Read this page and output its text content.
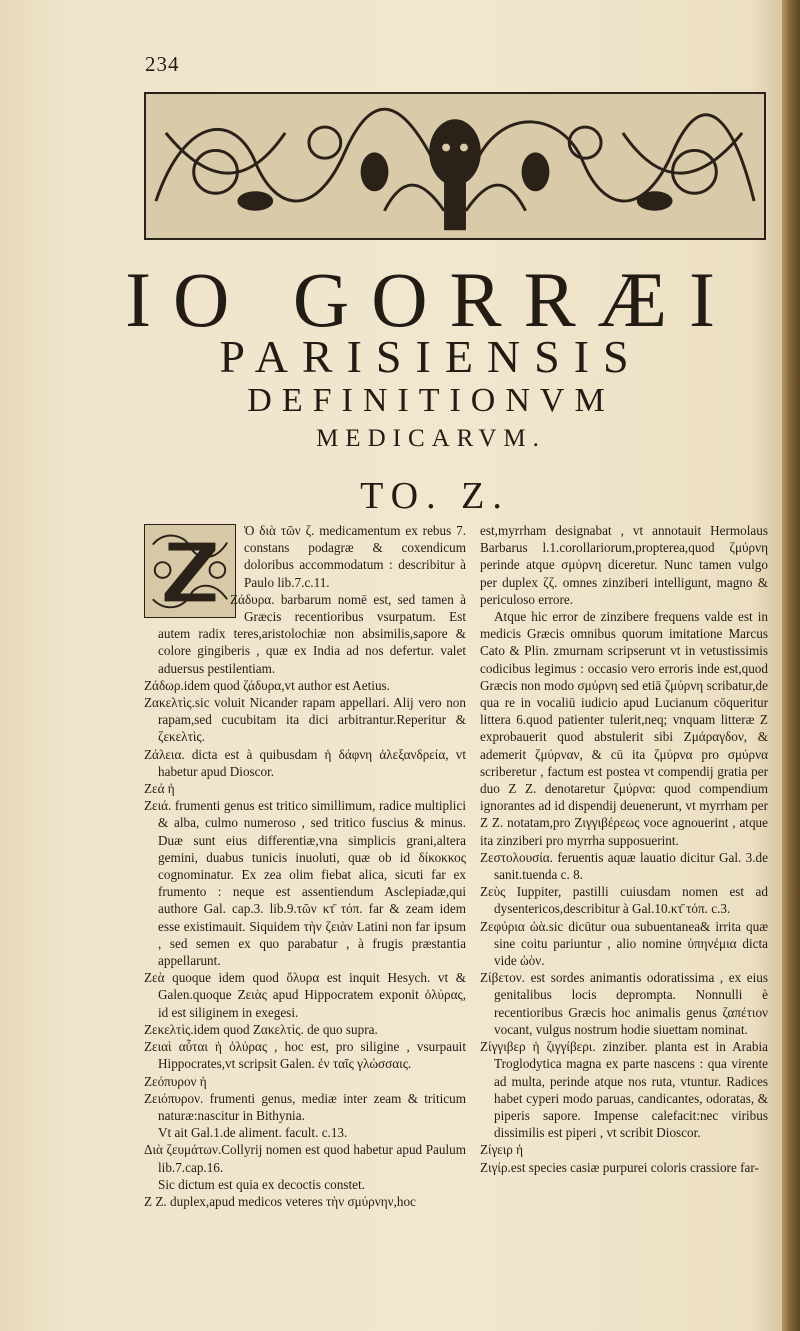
234
IO GORRÆI
PARISIENSIS
DEFINITIONVM
MEDICARVM.
TO. Z.

Ὁ διὰ τῶν ζ. medicamentum ex rebus 7. constans podagræ & coxendicum doloribus accommodatum : describitur à Paulo lib.7.c.11.

Ζάδυρα. barbarum nomē est, sed tamen à Græcis recentioribus vsurpatum. Est autem radix teres,aristolochiæ non absimilis,sapore & colore gingiberis , quæ ex India ad nos defertur. valet aduersus pestilentiam.

Ζάδωρ.idem quod ζάδυρα,vt author est Aetius.

Ζακελτὶς.sic voluit Nicander rapam appellari. Alij vero non rapam,sed cucubitam ita dici arbitrantur.Reperitur & ζεκελτὶς.

Ζάλεια. dicta est à quibusdam ἡ δάφνη ἀλεξανδρεία, vt habetur apud Dioscor.

Ζεά ἡ

Ζειά. frumenti genus est tritico simillimum, radice multiplici & alba, culmo numeroso , sed tritico fuscius & minus. Duæ sunt eius differentiæ,vna simplicis grani,altera gemini, duabus tunicis inuoluti, quæ ob id δίκοκκος cognominatur. Ex zea olim fiebat alica, sicuti far ex frumento : neque est assentiendum Asclepiadæ,qui authore Gal. cap.3. lib.9.τῶν κτ̄ τόπ. far & zeam idem esse existimauit. Siquidem τὴν ζειὰν Latini non far ipsum , sed semen ex quo parabatur , à frugis præstantia appellarunt.

Ζεὰ quoque idem quod ὄλυρα est inquit Hesych. vt & Galen.quoque Ζειὰς apud Hippocratem exponit ὀλύρας, id est siliginem in exegesi.

Ζεκελτὶς.idem quod Ζακελτὶς. de quo supra.

Ζειαὶ αὗται ἡ ὀλύρας , hoc est, pro siligine , vsurpauit Hippocrates,vt scripsit Galen. ἐν ταῖς γλώσσαις.

Ζεόπυρον ἡ

Ζειόπυρον. frumenti genus, mediæ inter zeam & triticum naturæ:nascitur in Bithynia.

Vt ait Gal.1.de aliment. facult. c.13.

Διὰ ζευμάτων.Collyrij nomen est quod habetur apud Paulum lib.7.cap.16.

Sic dictum est quia ex decoctis constet.

Z Z. duplex,apud medicos veteres τὴν σμύρνην,hoc

est,myrrham designabat , vt annotauit Hermolaus Barbarus l.1.corollariorum,propterea,quod ζμύρνη perinde atque σμύρνη diceretur. Nunc tamen vulgo per duplex ζζ. omnes zinziberi intelligunt, magno & periculoso errore.

Atque hic error de zinzibere frequens valde est in medicis Græcis omnibus quorum imitatione Marcus Cato & Plin. zmurnam scripserunt vt in vetustissimis codicibus legimus : occasio vero erroris inde est,quod Græcis non modo σμύρνη sed etiā ζμύρνη scribatur,de qua re in vocaliū iudicio apud Lucianum cōqueritur littera 6.quod patienter tulerit,neq; vnquam litteræ Z exprobauerit quod abstulerit sibi Ζμάραγδον, & ademerit ζμύρναν, & cū ita ζμύρνα pro σμύρνα scriberetur , factum est postea vt compendij gratia per duo Z Z. denotaretur ζμύρνα: quod compendium ignorantes ad id dispendij deuenerunt, vt myrrham per Z Z. notatam,pro Ζιγγιβέρεως voce agnouerint , atque ita zinziberi pro myrrha supposuerint.

Ζεστολουσία. feruentis aquæ lauatio dicitur Gal. 3.de sanit.tuenda c. 8.

Ζεὺς Iuppiter, pastilli cuiusdam nomen est ad dysentericos,describitur à Gal.10.κτ̄ τόπ. c.3.

Ζεφύρια ὠὰ.sic dicūtur oua subuentanea& irrita quæ sine coitu pariuntur , alio nomine ὑπηνέμια dicta vide ὠὸν.

Ζίβετον. est sordes animantis odoratissima , ex eius genitalibus locis deprompta. Nonnulli è recentioribus Græcis hoc animalis genus ζαπέτιον vocant, vulgus nostrum hodie siuettam nominat.

Ζίγγιβερ ἡ ζιγγίβερι. zinziber. planta est in Arabia Troglodytica magna ex parte nascens : qua virente ad multa, perinde atque nos ruta, vtuntur. Radices habet cyperi modo paruas, candicantes, odoratas, & piperis sapore. Impense calefacit:nec viribus dissimilis est piperi , vt scribit Dioscor.

Ζίγειρ ἡ

Ζιγίρ.est species casiæ purpurei coloris crassiore far-
